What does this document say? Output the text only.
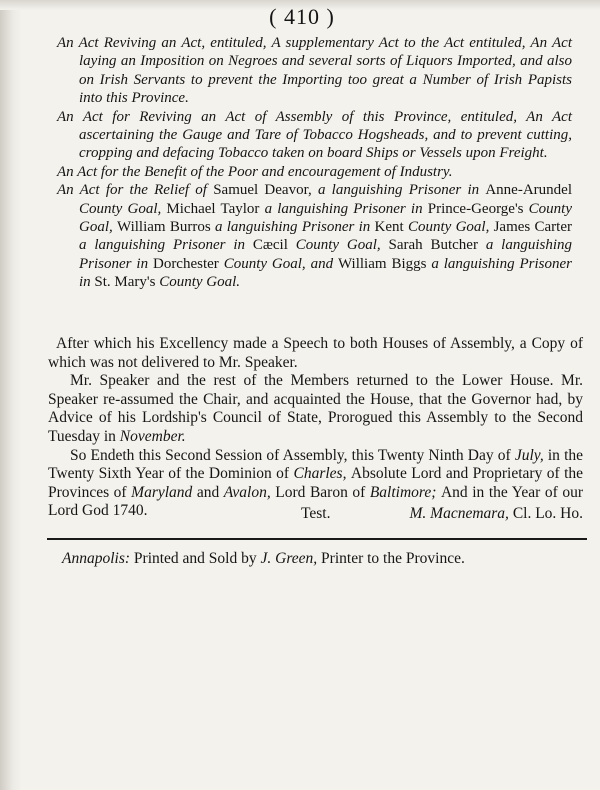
( 410 )

An Act Reviving an Act, entituled, A supplementary Act to the Act entituled, An Act laying an Imposition on Negroes and several sorts of Liquors Imported, and also on Irish Servants to prevent the Importing too great a Number of Irish Papists into this Province.

An Act for Reviving an Act of Assembly of this Province, entituled, An Act ascertaining the Gauge and Tare of Tobacco Hogsheads, and to prevent cutting, cropping and defacing Tobacco taken on board Ships or Vessels upon Freight.

An Act for the Benefit of the Poor and encouragement of Industry.

An Act for the Relief of Samuel Deavor, a languishing Prisoner in Anne-Arundel County Goal, Michael Taylor a languishing Prisoner in Prince-George's County Goal, William Burros a languishing Prisoner in Kent County Goal, James Carter a languishing Prisoner in Cæcil County Goal, Sarah Butcher a languishing Prisoner in Dorchester County Goal, and William Biggs a languishing Prisoner in St. Mary's County Goal.

After which his Excellency made a Speech to both Houses of Assembly, a Copy of which was not delivered to Mr. Speaker.

Mr. Speaker and the rest of the Members returned to the Lower House. Mr. Speaker re-assumed the Chair, and acquainted the House, that the Governor had, by Advice of his Lordship's Council of State, Prorogued this Assembly to the Second Tuesday in November.

So Endeth this Second Session of Assembly, this Twenty Ninth Day of July, in the Twenty Sixth Year of the Dominion of Charles, Absolute Lord and Proprietary of the Provinces of Maryland and Avalon, Lord Baron of Baltimore; And in the Year of our Lord God 1740.	Test.	M. Macnemara, Cl. Lo. Ho.
Annapolis: Printed and Sold by J. Green, Printer to the Province.
